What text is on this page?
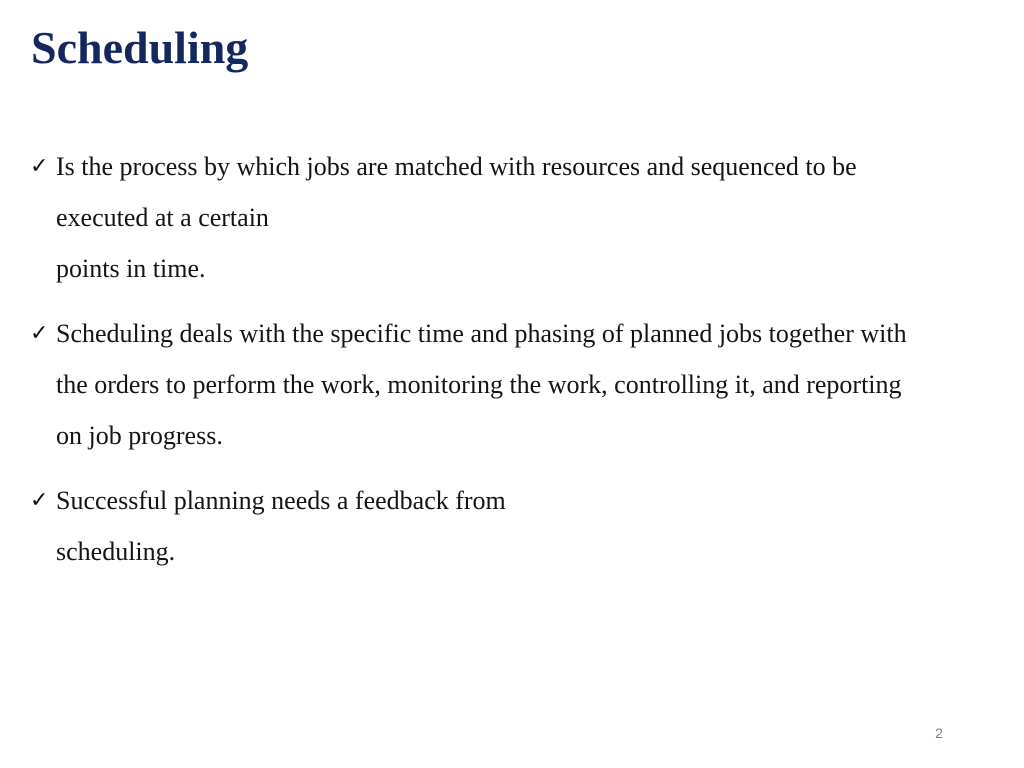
Scheduling
✓ Is the process by which jobs are matched with resources and sequenced to be
executed at a certain
points in time.
✓ Scheduling deals with the specific time and phasing of planned jobs together with
the orders to perform the work, monitoring the work, controlling it, and reporting
on job progress.
✓ Successful planning needs a feedback from
scheduling.
2
